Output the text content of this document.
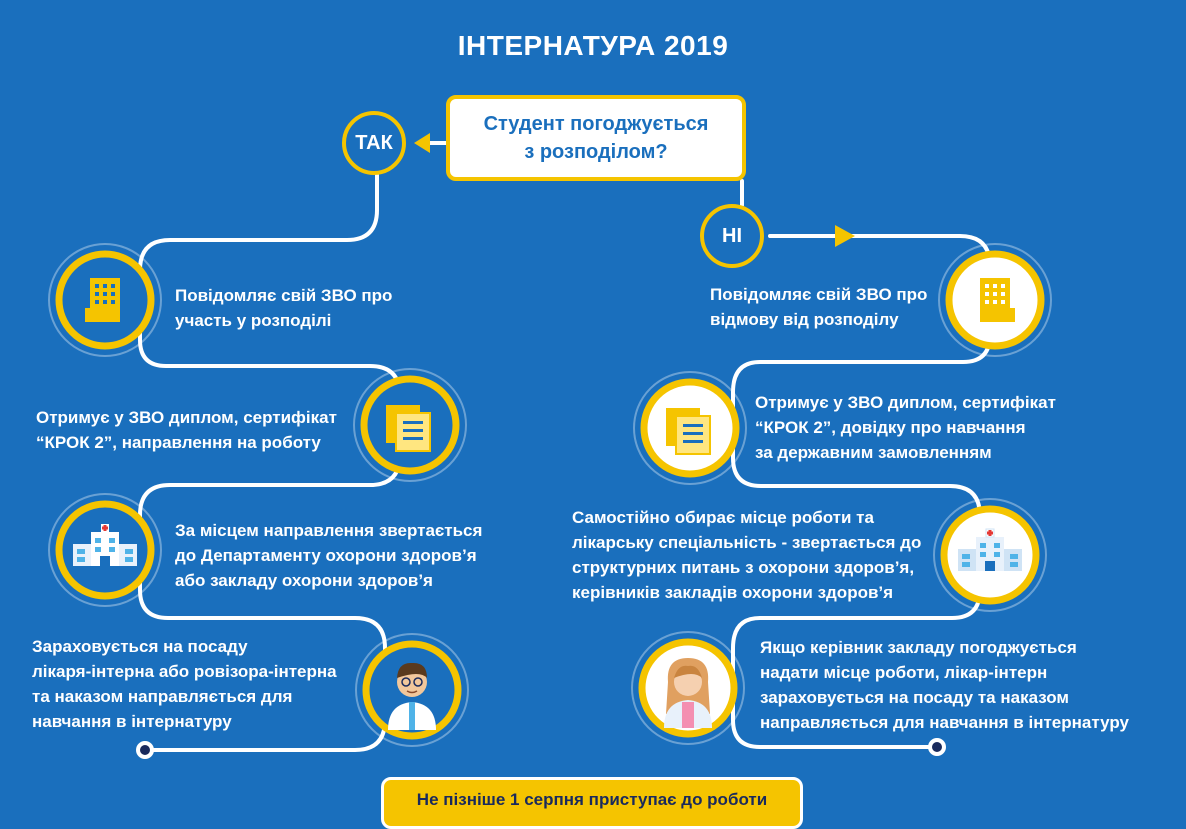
ІНТЕРНАТУРА 2019
Студент погоджується
з розподілом?
ТАК
НІ
Повідомляє свій ЗВО про
участь у розподілі
Отримує у ЗВО диплом, сертифікат
“КРОК 2”, направлення на роботу
За місцем направлення звертається
до Департаменту охорони здоров’я
або закладу охорони здоров’я
Зараховується на посаду
лікаря-інтерна або ровізора-інтерна
та наказом направляється для
навчання в інтернатуру
Повідомляє свій ЗВО про
відмову від розподілу
Отримує у ЗВО диплом, сертифікат
“КРОК 2”, довідку про навчання
за державним замовленням
Самостійно обирає місце роботи та
лікарську спеціальність - звертається до
структурних питань з охорони здоров’я,
керівників закладів охорони здоров’я
Якщо керівник закладу погоджується
надати місце роботи, лікар-інтерн
зараховується на посаду та наказом
направляється для навчання в інтернатуру
Не пізніше 1 серпня приступає до роботи
